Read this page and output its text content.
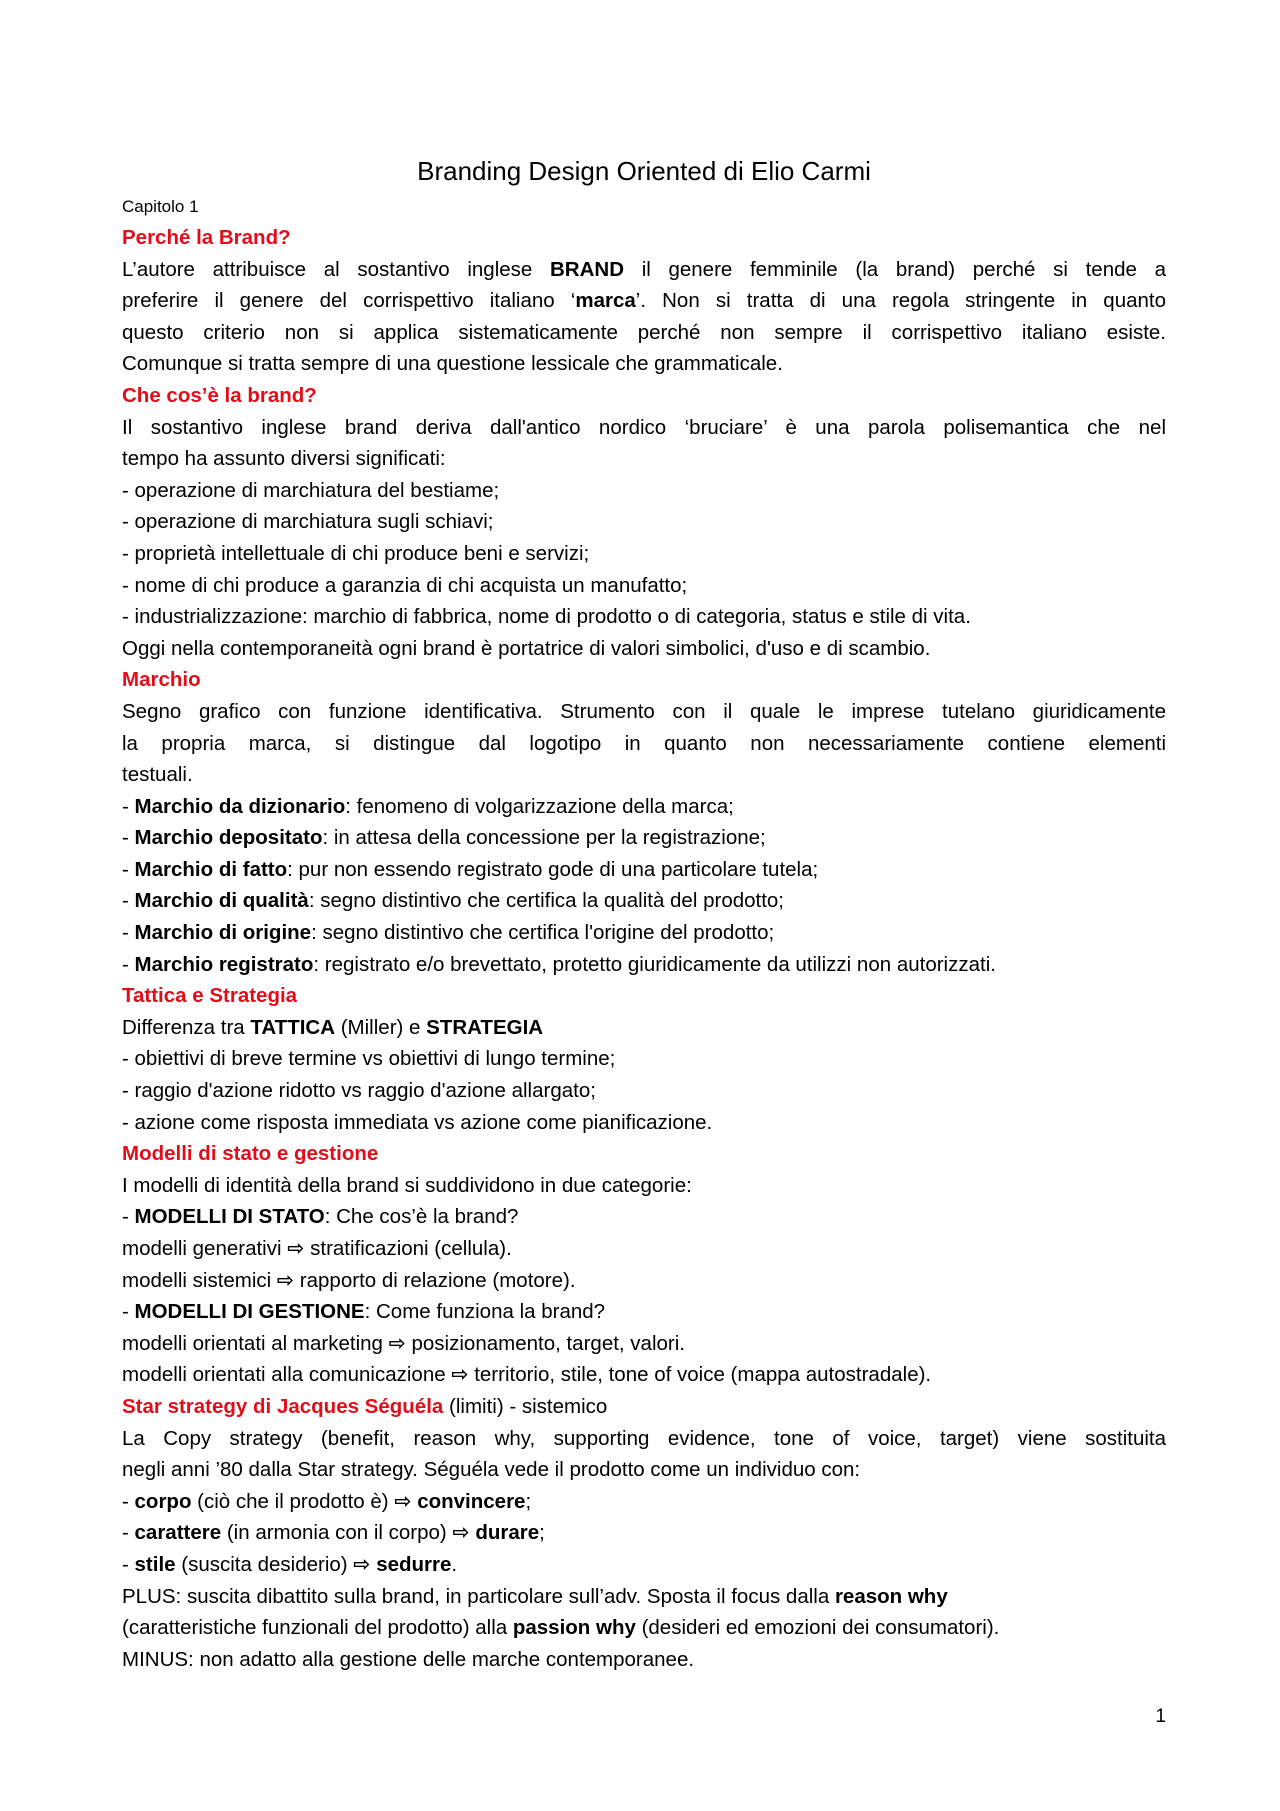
Branding Design Oriented di Elio Carmi
Capitolo 1
Perché la Brand?
L’autore attribuisce al sostantivo inglese BRAND il genere femminile (la brand) perché si tende a
preferire il genere del corrispettivo italiano ‘marca’. Non si tratta di una regola stringente in quanto
questo criterio non si applica sistematicamente perché non sempre il corrispettivo italiano esiste.
Comunque si tratta sempre di una questione lessicale che grammaticale.
Che cos’è la brand?
Il sostantivo inglese brand deriva dall'antico nordico ‘bruciare’ è una parola polisemantica che nel
tempo ha assunto diversi significati:
- operazione di marchiatura del bestiame;
- operazione di marchiatura sugli schiavi;
- proprietà intellettuale di chi produce beni e servizi;
- nome di chi produce a garanzia di chi acquista un manufatto;
- industrializzazione: marchio di fabbrica, nome di prodotto o di categoria, status e stile di vita.
Oggi nella contemporaneità ogni brand è portatrice di valori simbolici, d'uso e di scambio.
Marchio
Segno grafico con funzione identificativa. Strumento con il quale le imprese tutelano giuridicamente
la propria marca, si distingue dal logotipo in quanto non necessariamente contiene elementi
testuali.
- Marchio da dizionario: fenomeno di volgarizzazione della marca;
- Marchio depositato: in attesa della concessione per la registrazione;
- Marchio di fatto: pur non essendo registrato gode di una particolare tutela;
- Marchio di qualità: segno distintivo che certifica la qualità del prodotto;
- Marchio di origine: segno distintivo che certifica l'origine del prodotto;
- Marchio registrato: registrato e/o brevettato, protetto giuridicamente da utilizzi non autorizzati.
Tattica e Strategia
Differenza tra TATTICA (Miller) e STRATEGIA
- obiettivi di breve termine vs obiettivi di lungo termine;
- raggio d'azione ridotto vs raggio d'azione allargato;
- azione come risposta immediata vs azione come pianificazione.
Modelli di stato e gestione
I modelli di identità della brand si suddividono in due categorie:
- MODELLI DI STATO: Che cos’è la brand?
modelli generativi ⇨ stratificazioni (cellula).
modelli sistemici ⇨ rapporto di relazione (motore).
- MODELLI DI GESTIONE: Come funziona la brand?
modelli orientati al marketing ⇨ posizionamento, target, valori.
modelli orientati alla comunicazione ⇨ territorio, stile, tone of voice (mappa autostradale).
Star strategy di Jacques Séguéla (limiti) - sistemico
La Copy strategy (benefit, reason why, supporting evidence, tone of voice, target) viene sostituita
negli anni ’80 dalla Star strategy. Séguéla vede il prodotto come un individuo con:
- corpo (ciò che il prodotto è) ⇨ convincere;
- carattere (in armonia con il corpo) ⇨ durare;
- stile (suscita desiderio) ⇨ sedurre.
PLUS: suscita dibattito sulla brand, in particolare sull’adv. Sposta il focus dalla reason why
(caratteristiche funzionali del prodotto) alla passion why (desideri ed emozioni dei consumatori).
MINUS: non adatto alla gestione delle marche contemporanee.
1
